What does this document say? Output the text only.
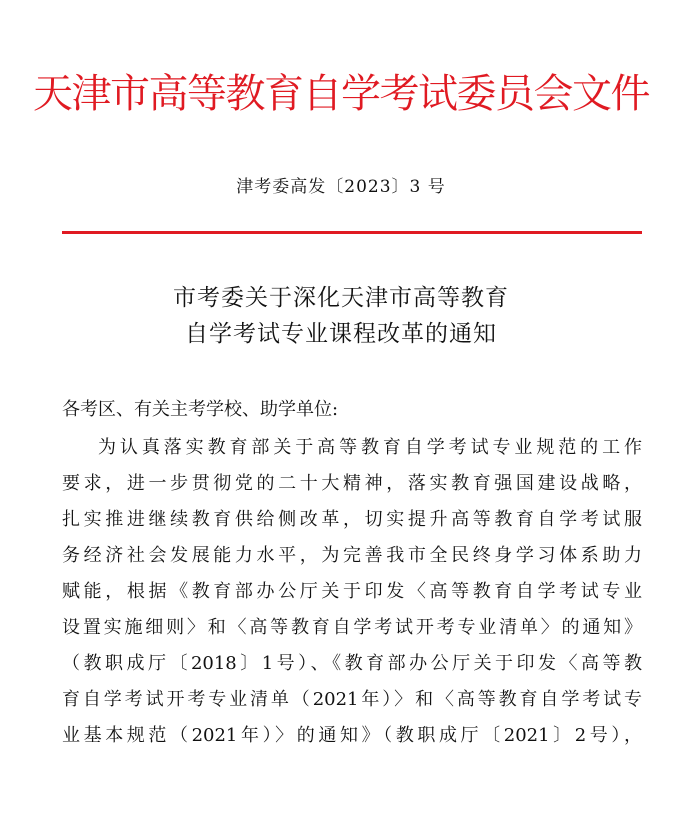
天津市高等教育自学考试委员会文件
津考委高发〔2023〕3 号
市考委关于深化天津市高等教育
自学考试专业课程改革的通知
各考区、有关主考学校、助学单位:
为认真落实教育部关于高等教育自学考试专业规范的工作
要求，进一步贯彻党的二十大精神，落实教育强国建设战略，
扎实推进继续教育供给侧改革，切实提升高等教育自学考试服
务经济社会发展能力水平，为完善我市全民终身学习体系助力
赋能，根据《教育部办公厅关于印发〈高等教育自学考试专业
设置实施细则〉和〈高等教育自学考试开考专业清单〉的通知》
（教职成厅〔2018〕1号）、《教育部办公厅关于印发〈高等教
育自学考试开考专业清单（2021年）〉和〈高等教育自学考试专
业基本规范（2021年）〉的通知》（教职成厅〔2021〕2号），
